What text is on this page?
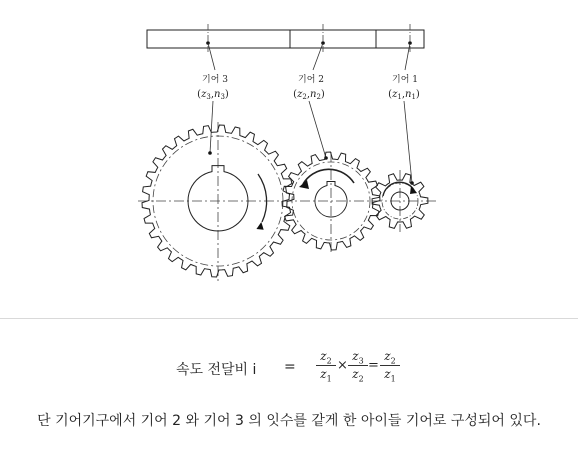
기어 3
$(z_3,n_3)$
기어 2
$(z_2,n_2)$
기어 1
$(z_1,n_1)$
속도 전달비 $i = \frac{z_2}{z_1} \times \frac{z_3}{z_2} = \frac{z_2}{z_1}$
단 기어기구에서 기어 2 와 기어 3 의 잇수를 같게 한 아이들 기어로 구성되어 있다.
